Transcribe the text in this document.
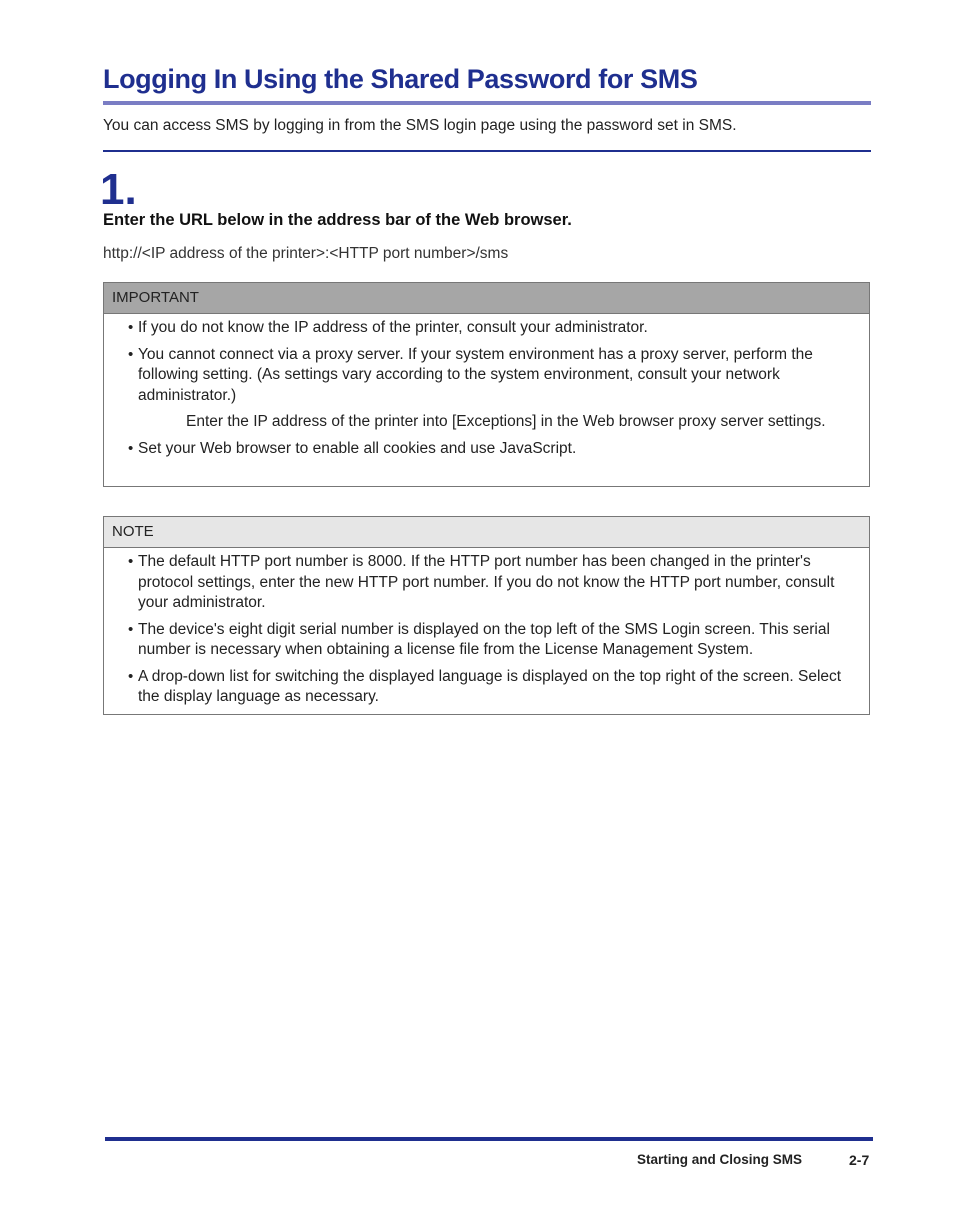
Logging In Using the Shared Password for SMS

You can access SMS by logging in from the SMS login page using the password set in SMS.

1.

Enter the URL below in the address bar of the Web browser.

http://<IP address of the printer>:<HTTP port number>/sms

IMPORTANT
• If you do not know the IP address of the printer, consult your administrator.
• You cannot connect via a proxy server. If your system environment has a proxy server, perform the following setting. (As settings vary according to the system environment, consult your network administrator.)
Enter the IP address of the printer into [Exceptions] in the Web browser proxy server settings.
• Set your Web browser to enable all cookies and use JavaScript.
NOTE
• The default HTTP port number is 8000. If the HTTP port number has been changed in the printer's protocol settings, enter the new HTTP port number. If you do not know the HTTP port number, consult your administrator.
• The device's eight digit serial number is displayed on the top left of the SMS Login screen. This serial number is necessary when obtaining a license file from the License Management System.
• A drop-down list for switching the displayed language is displayed on the top right of the screen. Select the display language as necessary.
Starting and Closing SMS	2-7
